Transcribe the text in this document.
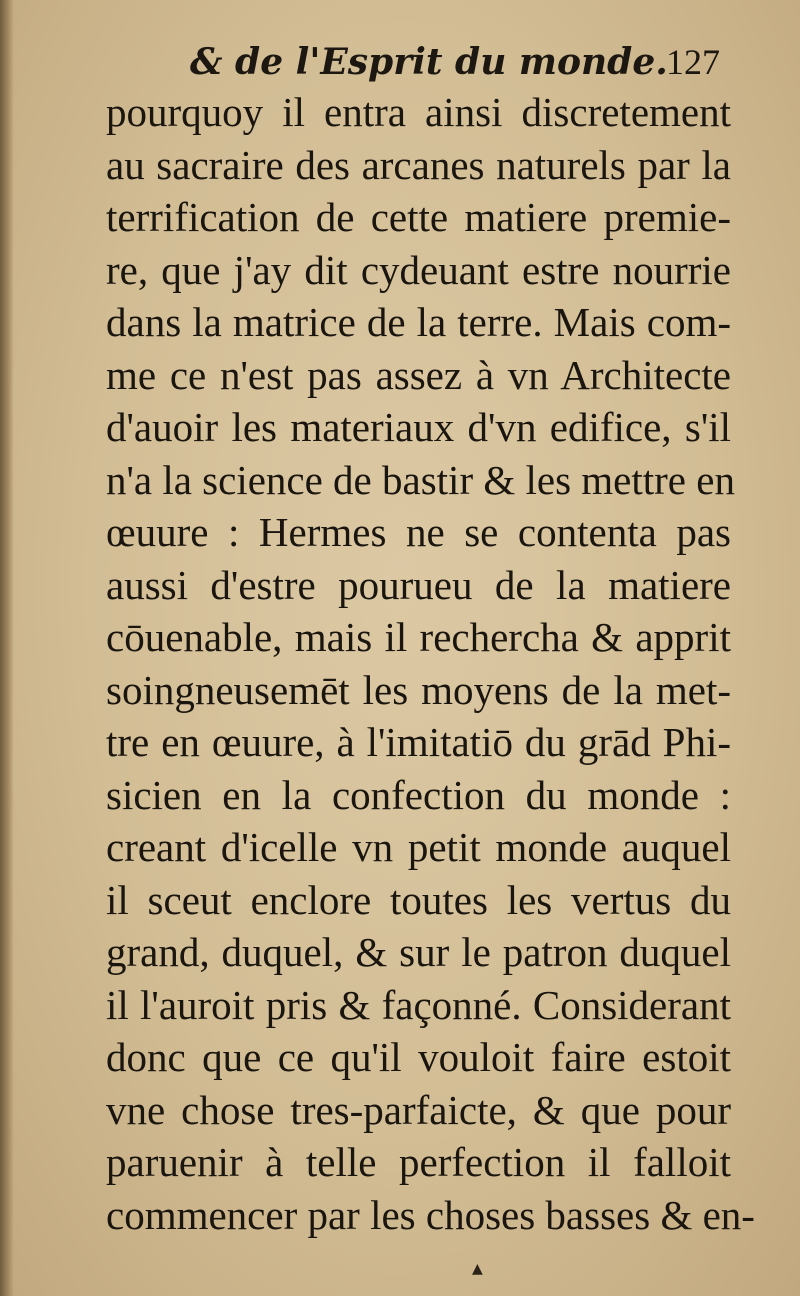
& de l'Esprit du monde.
127
pourquoy il entra ainsi discretement
au sacraire des arcanes naturels par la
terrification de cette matiere premie-
re, que j'ay dit cydeuant estre nourrie
dans la matrice de la terre. Mais com-
me ce n'est pas assez à vn Architecte
d'auoir les materiaux d'vn edifice, s'il
n'a la science de bastir & les mettre en
œuure : Hermes ne se contenta pas
aussi d'estre pourueu de la matiere
cōuenable, mais il rechercha & apprit
soingneusemēt les moyens de la met-
tre en œuure, à l'imitatiō du grād Phi-
sicien en la confection du monde :
creant d'icelle vn petit monde auquel
il sceut enclore toutes les vertus du
grand, duquel, & sur le patron duquel
il l'auroit pris & façonné. Considerant
donc que ce qu'il vouloit faire estoit
vne chose tres-parfaicte, & que pour
paruenir à telle perfection il falloit
commencer par les choses basses & en-
▲
